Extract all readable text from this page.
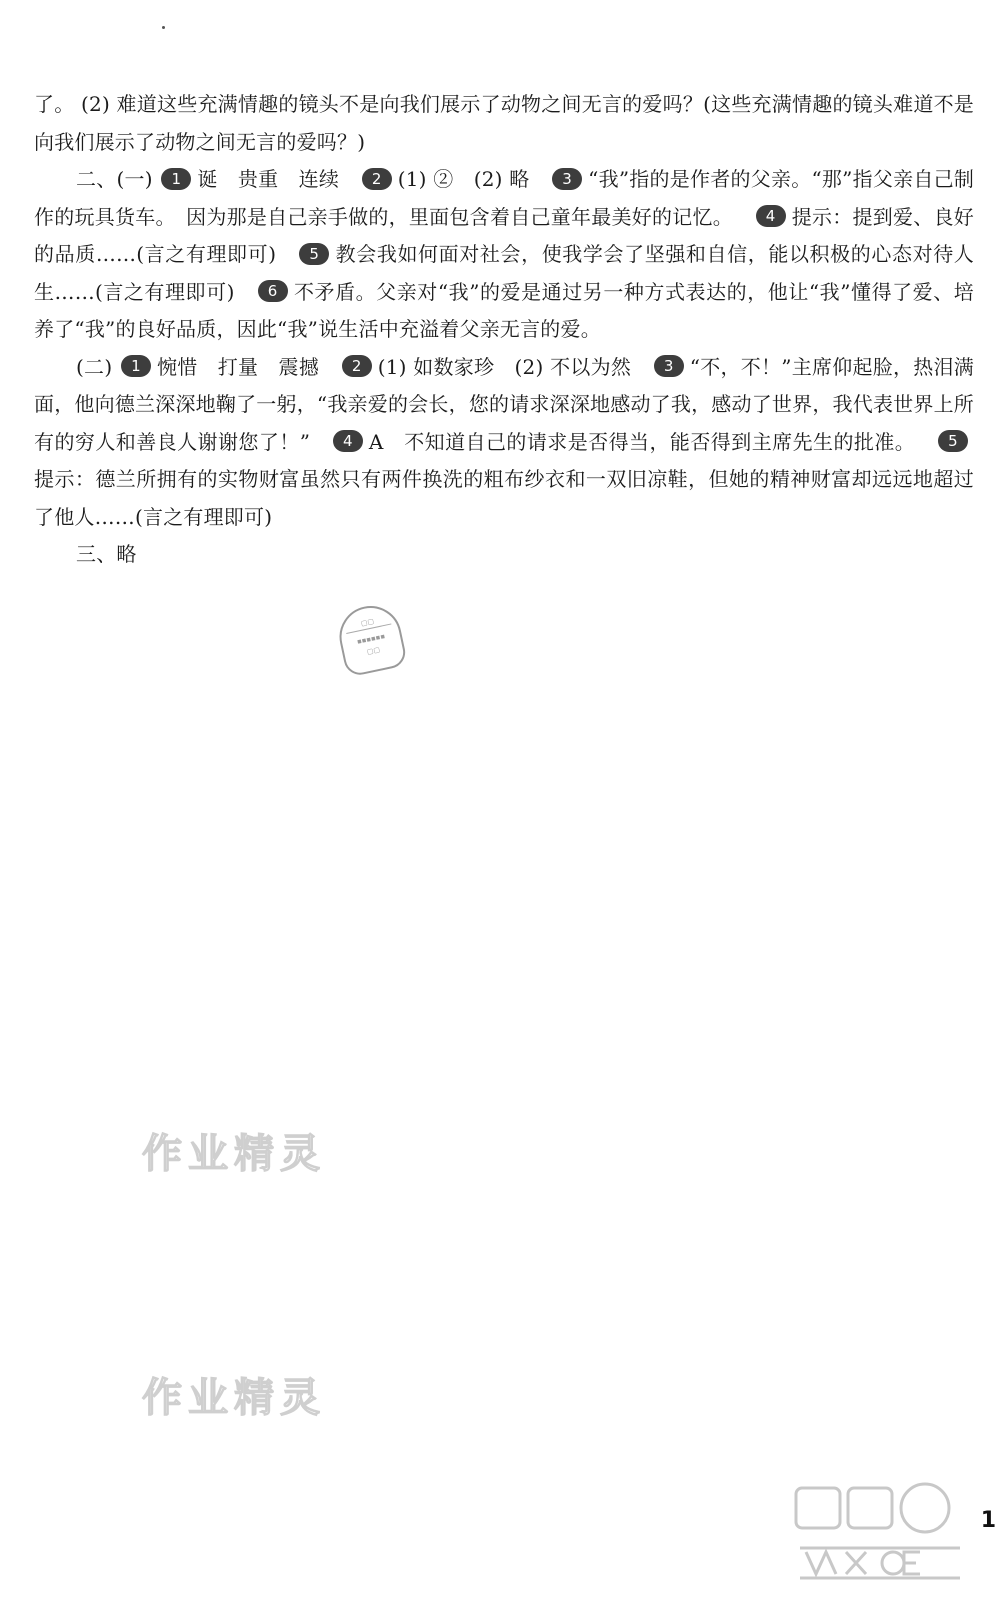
了。 (2) 难道这些充满情趣的镜头不是向我们展示了动物之间无言的爱吗？(这些充满情趣的镜头难道不是向我们展示了动物之间无言的爱吗？)

二、(一) 1 诞　贵重　连续 2 (1) ②　(2) 略 3 “我”指的是作者的父亲。“那”指父亲自己制作的玩具货车。　因为那是自己亲手做的，里面包含着自己童年最美好的记忆。 4 提示：提到爱、良好的品质……(言之有理即可) 5 教会我如何面对社会，使我学会了坚强和自信，能以积极的心态对待人生……(言之有理即可) 6 不矛盾。父亲对“我”的爱是通过另一种方式表达的，他让“我”懂得了爱、培养了“我”的良好品质，因此“我”说生活中充溢着父亲无言的爱。

(二) 1 惋惜　打量　震撼 2 (1) 如数家珍　(2) 不以为然 3 “不，不！”主席仰起脸，热泪满面，他向德兰深深地鞠了一躬，“我亲爱的会长，您的请求深深地感动了我，感动了世界，我代表世界上所有的穷人和善良人谢谢您了！” 4 A　不知道自己的请求是否得当，能否得到主席先生的批准。 5提示：德兰所拥有的实物财富虽然只有两件换洗的粗布纱衣和一双旧凉鞋，但她的精神财富却远远地超过了他人……(言之有理即可)

三、略

▢▢
▪▪▪▪▪▪
▢▢
作业精灵
作业精灵
1
